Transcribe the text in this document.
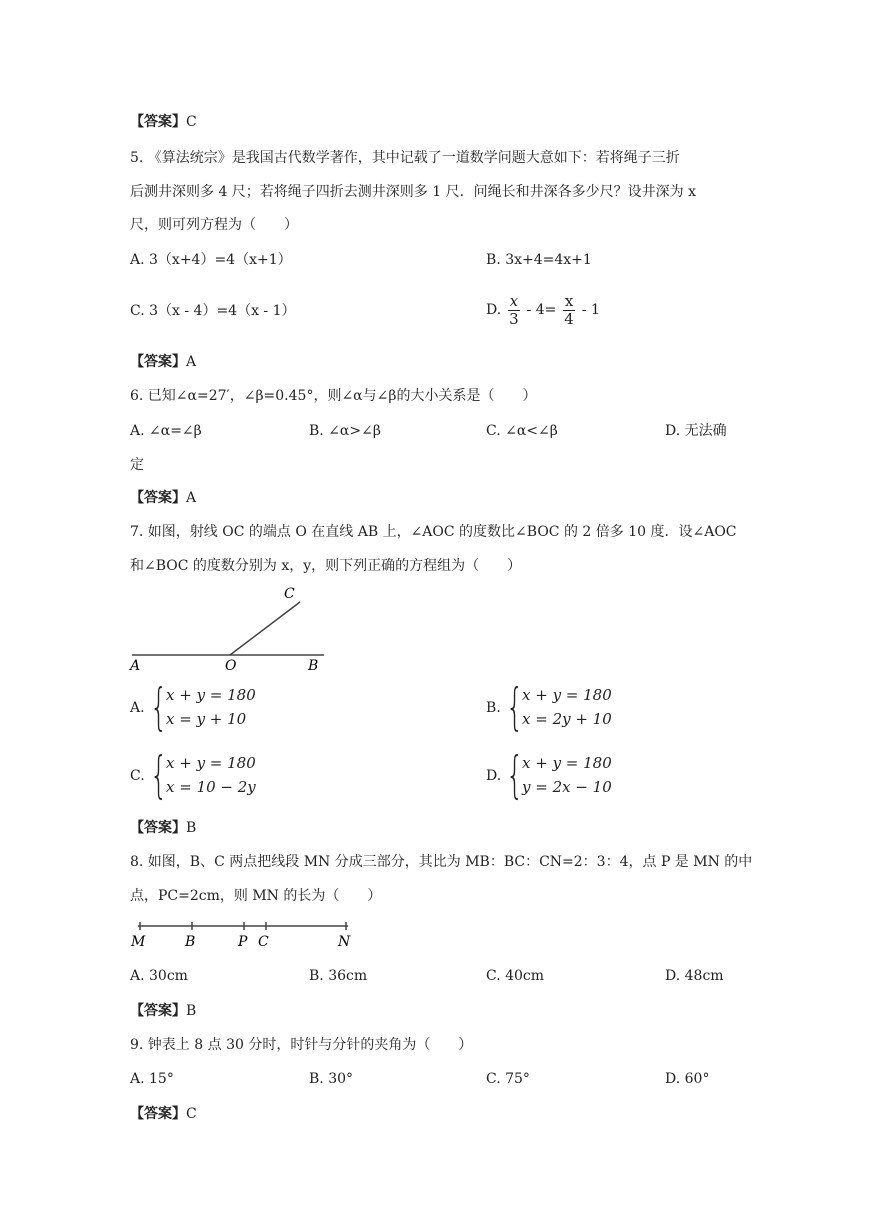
【答案】C
5. 《算法统宗》是我国古代数学著作，其中记载了一道数学问题大意如下：若将绳子三折
后测井深则多 4 尺；若将绳子四折去测井深则多 1 尺．问绳长和井深各多少尺？设井深为 x
尺，则可列方程为（　　）
A. 3（x+4）=4（x+1）	B. 3x+4=4x+1
C. 3（x - 4）=4（x - 1）	D. $\frac{x}{3} - 4= \frac{x}{4} - 1$
【答案】A
6. 已知∠α=27′，∠β=0.45°，则∠α与∠β的大小关系是（　　）
A. ∠α=∠β	B. ∠α>∠β	C. ∠α<∠β	D. 无法确
定
【答案】A
7. 如图，射线 OC 的端点 O 在直线 AB 上，∠AOC 的度数比∠BOC 的 2 倍多 10 度．设∠AOC
和∠BOC 的度数分别为 x，y，则下列正确的方程组为（　　）
A	O	B
C
A. {
x + y = 180
x = y + 10
B. {
x + y = 180
x = 2y + 10
C. {
x + y = 180
x = 10 − 2y
D. {
x + y = 180
y = 2x − 10
【答案】B
8. 如图，B、C 两点把线段 MN 分成三部分，其比为 MB：BC：CN=2：3：4，点 P 是 MN 的中
点，PC=2cm，则 MN 的长为（　　）
M	B	P C	N
A. 30cm	B. 36cm	C. 40cm	D. 48cm
【答案】B
9. 钟表上 8 点 30 分时，时针与分针的夹角为（　　）
A. 15°	B. 30°	C. 75°	D. 60°
【答案】C
